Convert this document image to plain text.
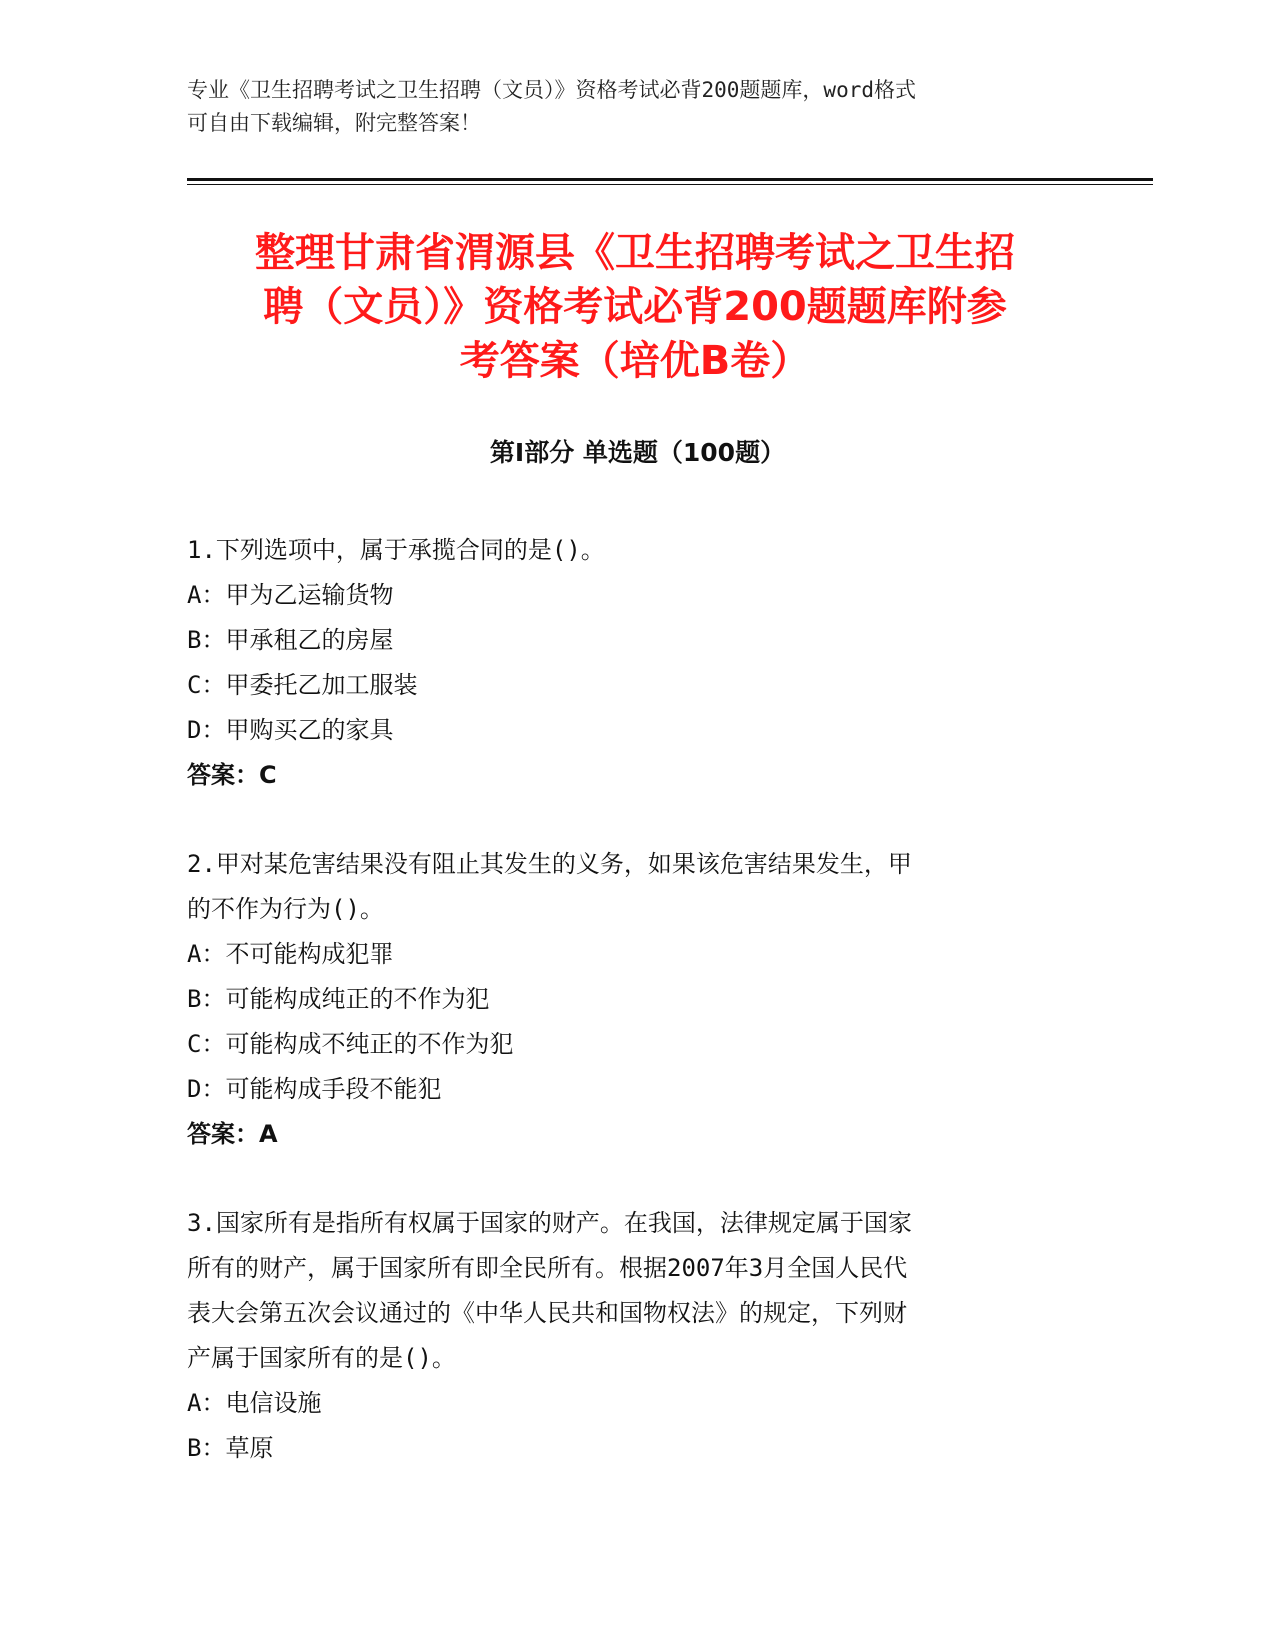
专业《卫生招聘考试之卫生招聘（文员）》资格考试必背200题题库，word格式
可自由下载编辑，附完整答案！
整理甘肃省渭源县《卫生招聘考试之卫生招
聘（文员）》资格考试必背200题题库附参
考答案（培优B卷）
第Ⅰ部分 单选题（100题）

1.下列选项中，属于承揽合同的是()。

A：甲为乙运输货物

B：甲承租乙的房屋

C：甲委托乙加工服装

D：甲购买乙的家具

答案：C

2.甲对某危害结果没有阻止其发生的义务，如果该危害结果发生，甲

的不作为行为()。

A：不可能构成犯罪

B：可能构成纯正的不作为犯

C：可能构成不纯正的不作为犯

D：可能构成手段不能犯

答案：A

3.国家所有是指所有权属于国家的财产。在我国，法律规定属于国家

所有的财产，属于国家所有即全民所有。根据2007年3月全国人民代

表大会第五次会议通过的《中华人民共和国物权法》的规定，下列财

产属于国家所有的是()。

A：电信设施

B：草原
